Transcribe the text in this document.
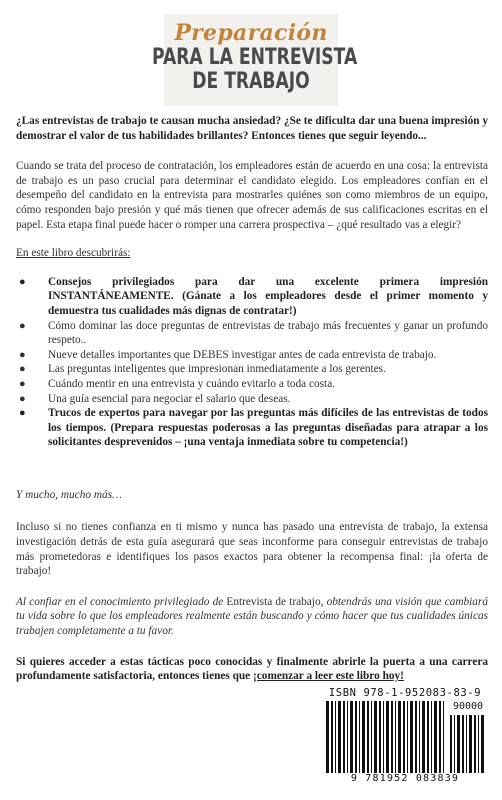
Preparación
PARA LA ENTREVISTA
DE TRABAJO

¿Las entrevistas de trabajo te causan mucha ansiedad? ¿Se te dificulta dar una buena impresión y demostrar el valor de tus habilidades brillantes? Entonces tienes que seguir leyendo...

Cuando se trata del proceso de contratación, los empleadores están de acuerdo en una cosa: la entrevista de trabajo es un paso crucial para determinar el candidato elegido. Los empleadores confían en el desempeño del candidato en la entrevista para mostrarles quiénes son como miembros de un equipo, cómo responden bajo presión y qué más tienen que ofrecer además de sus calificaciones escritas en el papel. Esta etapa final puede hacer o romper una carrera prospectiva – ¿qué resultado vas a elegir?

En este libro descubrirás:

● Consejos privilegiados para dar una excelente primera impresión INSTANTÁNEAMENTE. (Gánate a los empleadores desde el primer momento y demuestra tus cualidades más dignas de contratar!)
● Cómo dominar las doce preguntas de entrevistas de trabajo más frecuentes y ganar un profundo respeto..
● Nueve detalles importantes que DEBES investigar antes de cada entrevista de trabajo.
● Las preguntas inteligentes que impresionan inmediatamente a los gerentes.
● Cuándo mentir en una entrevista y cuándo evitarlo a toda costa.
● Una guía esencial para negociar el salario que deseas.
● Trucos de expertos para navegar por las preguntas más difíciles de las entrevistas de todos los tiempos. (Prepara respuestas poderosas a las preguntas diseñadas para atrapar a los solicitantes desprevenidos – ¡una ventaja inmediata sobre tu competencia!)

Y mucho, mucho más…

Incluso si no tienes confianza en ti mismo y nunca has pasado una entrevista de trabajo, la extensa investigación detrás de esta guía asegurará que seas inconforme para conseguir entrevistas de trabajo más prometedoras e identifiques los pasos exactos para obtener la recompensa final: ¡la oferta de trabajo!

Al confiar en el conocimiento privilegiado de Entrevista de trabajo, obtendrás una visión que cambiará tu vida sobre lo que los empleadores realmente están buscando y cómo hacer que tus cualidades únicas trabajen completamente a tu favor.

Si quieres acceder a estas tácticas poco conocidas y finalmente abrirle la puerta a una carrera profundamente satisfactoria, entonces tienes que ¡comenzar a leer este libro hoy!

ISBN 978-1-952083-83-9
90000
9 781952 083839
